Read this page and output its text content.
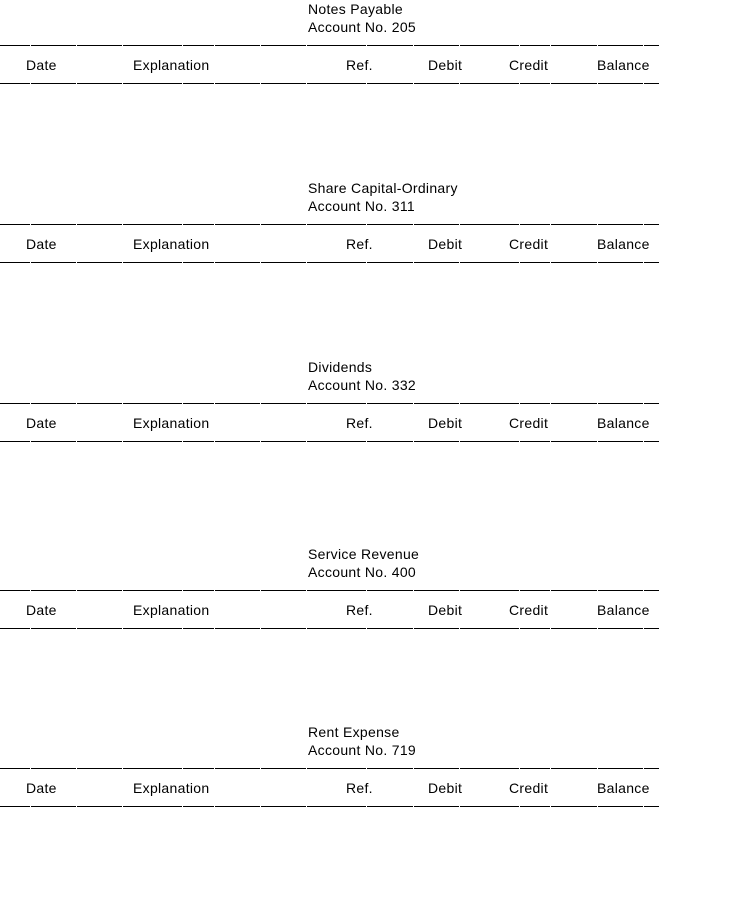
Notes Payable
Account No. 205
Date	Explanation	Ref.	Debit	Credit	Balance
Share Capital-Ordinary
Account No. 311
Date	Explanation	Ref.	Debit	Credit	Balance
Dividends
Account No. 332
Date	Explanation	Ref.	Debit	Credit	Balance
Service Revenue
Account No. 400
Date	Explanation	Ref.	Debit	Credit	Balance
Rent Expense
Account No. 719
Date	Explanation	Ref.	Debit	Credit	Balance
